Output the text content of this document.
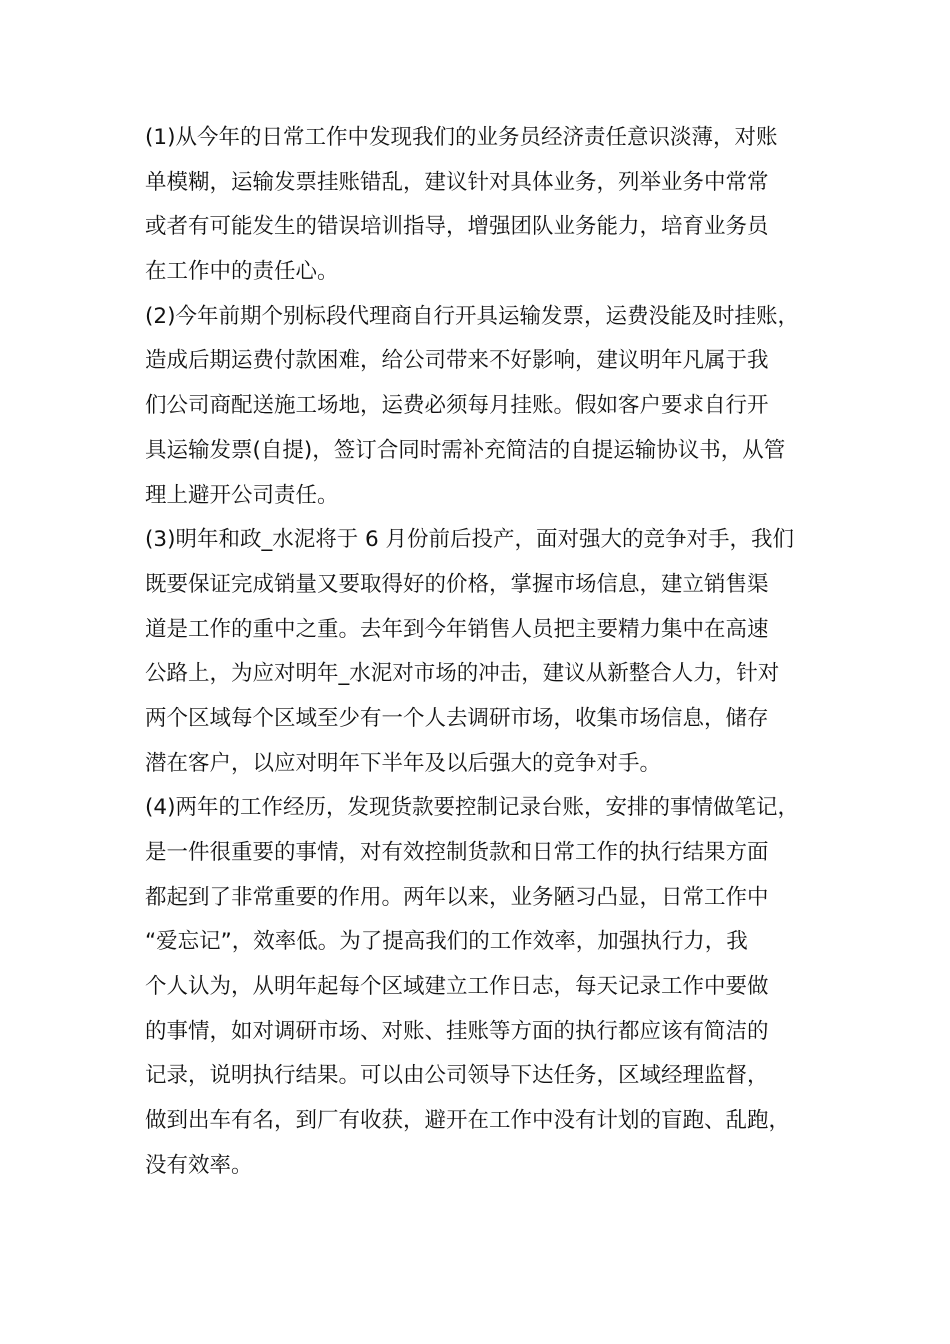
(1)从今年的日常工作中发现我们的业务员经济责任意识淡薄，对账
单模糊，运输发票挂账错乱，建议针对具体业务，列举业务中常常
或者有可能发生的错误培训指导，增强团队业务能力，培育业务员
在工作中的责任心。
(2)今年前期个别标段代理商自行开具运输发票，运费没能及时挂账，
造成后期运费付款困难，给公司带来不好影响，建议明年凡属于我
们公司商配送施工场地，运费必须每月挂账。假如客户要求自行开
具运输发票(自提)，签订合同时需补充简洁的自提运输协议书，从管
理上避开公司责任。
(3)明年和政_水泥将于 6 月份前后投产，面对强大的竞争对手，我们
既要保证完成销量又要取得好的价格，掌握市场信息，建立销售渠
道是工作的重中之重。去年到今年销售人员把主要精力集中在高速
公路上，为应对明年_水泥对市场的冲击，建议从新整合人力，针对
两个区域每个区域至少有一个人去调研市场，收集市场信息，储存
潜在客户，以应对明年下半年及以后强大的竞争对手。
(4)两年的工作经历，发现货款要控制记录台账，安排的事情做笔记，
是一件很重要的事情，对有效控制货款和日常工作的执行结果方面
都起到了非常重要的作用。两年以来，业务陋习凸显，日常工作中
“爱忘记”，效率低。为了提高我们的工作效率，加强执行力，我
个人认为，从明年起每个区域建立工作日志，每天记录工作中要做
的事情，如对调研市场、对账、挂账等方面的执行都应该有简洁的
记录，说明执行结果。可以由公司领导下达任务，区域经理监督，
做到出车有名，到厂有收获，避开在工作中没有计划的盲跑、乱跑，
没有效率。
